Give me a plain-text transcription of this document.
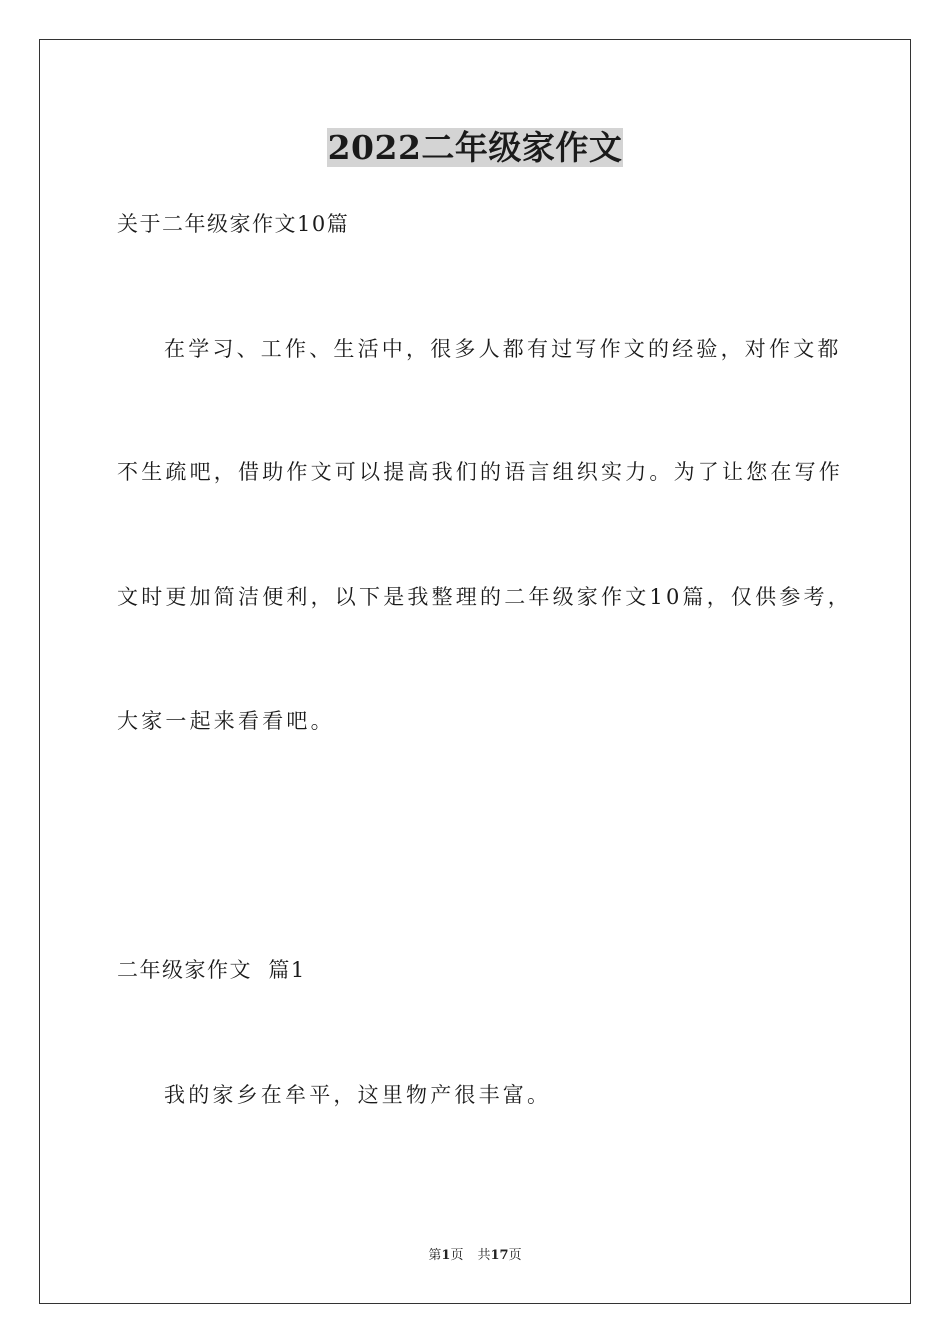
2022二年级家作文
关于二年级家作文10篇
在学习、工作、生活中，很多人都有过写作文的经验，对作文都
不生疏吧，借助作文可以提高我们的语言组织实力。为了让您在写作
文时更加简洁便利，以下是我整理的二年级家作文10篇，仅供参考，
大家一起来看看吧。
二年级家作文  篇1
我的家乡在牟平，这里物产很丰富。
第1页 共17页
